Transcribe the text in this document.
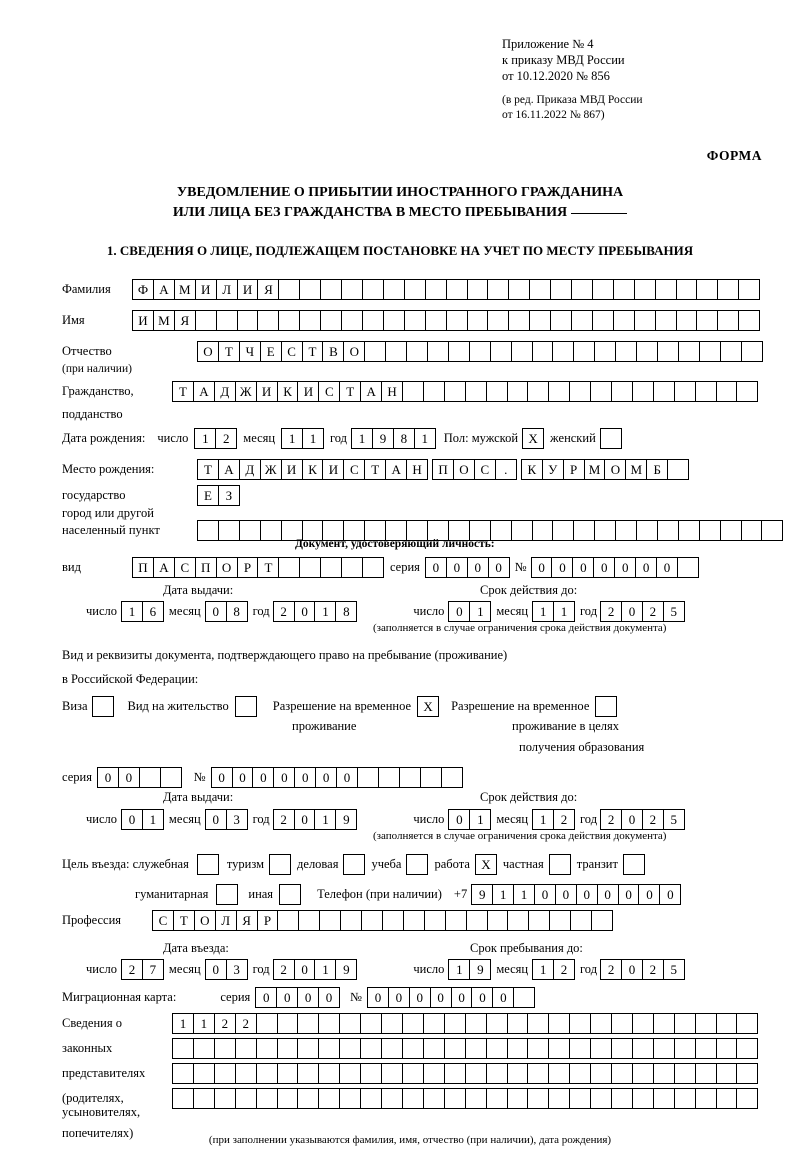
Приложение № 4
к приказу МВД России
от 10.12.2020 № 856
(в ред. Приказа МВД России
от 16.11.2022 № 867)
ФОРМА
УВЕДОМЛЕНИЕ О ПРИБЫТИИ ИНОСТРАННОГО ГРАЖДАНИНА
ИЛИ ЛИЦА БЕЗ ГРАЖДАНСТВА В МЕСТО ПРЕБЫВАНИЯ
1. СВЕДЕНИЯ О ЛИЦЕ, ПОДЛЕЖАЩЕМ ПОСТАНОВКЕ НА УЧЕТ ПО МЕСТУ ПРЕБЫВАНИЯ
Фамилия	Ф А М И Л И Я
Имя	И М Я
Отчество	О Т Ч Е С Т В О
(при наличии)
Гражданство,	Т А Д Ж И К И С Т А Н
подданство
Дата рождения: число	1	2	месяц	1	1	год 1	9	8	1	Пол: мужской Х женский
Место рождения:	Т А Д Ж И К И С Т А Н	П О С	.	К У Р М О М Б
государство	Е	З
город или другой
населенный пункт
Документ, удостоверяющий личность:
вид	П А С П О Р	Т	серия 0	0	0	0	№ 0	0	0	0	0	0	0
Дата выдачи:	Срок действия до:
число 1	6	месяц 0	8	год 2	0	1	8	число 0	1	месяц 1	1	год 2	0	2	5
(заполняется в случае ограничения срока действия документа)
Вид и реквизиты документа, подтверждающего право на пребывание (проживание)
в Российской Федерации:
Виза	Вид на жительство	Разрешение на временное Х	Разрешение на временное
проживание	проживание в целях
получения образования
серия 0	0	№ 0	0	0	0	0	0	0
Дата выдачи:	Срок действия до:
число 0	1	месяц 0	3	год 2	0	1	9	число 0	1	месяц 1	2	год 2	0	2	5
(заполняется в случае ограничения срока действия документа)
Цель въезда: служебная	туризм	деловая	учеба	работа Х частная	транзит
гуманитарная	иная	Телефон (при наличии) +7 9	1	1	0	0	0	0	0	0	0
Профессия	С Т О Л Я Р
Дата въезда:	Срок пребывания до:
число 2	7	месяц 0	3	год 2	0	1	9	число 1	9	месяц 1	2	год 2	0	2	5
Миграционная карта:	серия 0	0	0	0	№ 0	0	0	0	0	0	0
Сведения о	1	1	2	2
законных
представителях
(родителях,
усыновителях,
попечителях)	(при заполнении указываются фамилия, имя, отчество (при наличии), дата рождения)
